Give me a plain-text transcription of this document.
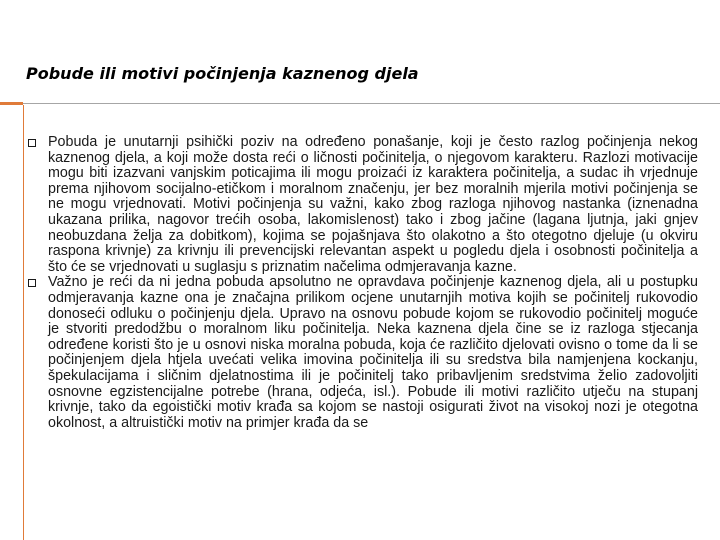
Pobude ili motivi počinjenja kaznenog djela
Pobuda je unutarnji psihički poziv na određeno ponašanje, koji je često razlog počinjenja nekog kaznenog djela, a koji može dosta reći o ličnosti počinitelja, o njegovom karakteru. Razlozi motivacije mogu biti izazvani vanjskim poticajima ili mogu proizaći iz karaktera počinitelja, a sudac ih vrjednuje prema njihovom socijalno-etičkom i moralnom značenju, jer bez moralnih mjerila motivi počinjenja se ne mogu vrjednovati. Motivi počinjenja su važni, kako zbog razloga njihovog nastanka (iznenadna ukazana prilika, nagovor trećih osoba, lakomislenost) tako i zbog jačine (lagana ljutnja, jaki gnjev neobuzdana želja za dobitkom), kojima se pojašnjava što olakotno a što otegotno djeluje (u okviru raspona krivnje) za krivnju ili prevencijski relevantan aspekt u pogledu djela i osobnosti počinitelja a što će se vrjednovati u suglasju s priznatim načelima odmjeravanja kazne.
Važno je reći da ni jedna pobuda apsolutno ne opravdava počinjenje kaznenog djela, ali u postupku odmjeravanja kazne ona je značajna prilikom ocjene unutarnjih motiva kojih se počinitelj rukovodio donoseći odluku o počinjenju djela. Upravo na osnovu pobude kojom se rukovodio počinitelj moguće je stvoriti predodžbu o moralnom liku počinitelja. Neka kaznena djela čine se iz razloga stjecanja određene koristi što je u osnovi niska moralna pobuda, koja će različito djelovati ovisno o tome da li se počinjenjem djela htjela uvećati velika imovina počinitelja ili su sredstva bila namjenjena kockanju, špekulacijama i sličnim djelatnostima ili je počinitelj tako pribavljenim sredstvima želio zadovoljiti osnovne egzistencijalne potrebe (hrana, odjeća, isl.). Pobude ili motivi različito utječu na stupanj krivnje, tako da egoistički motiv krađa sa kojom se nastoji osigurati život na visokoj nozi je otegotna okolnost, a altruistički motiv na primjer krađa da se
